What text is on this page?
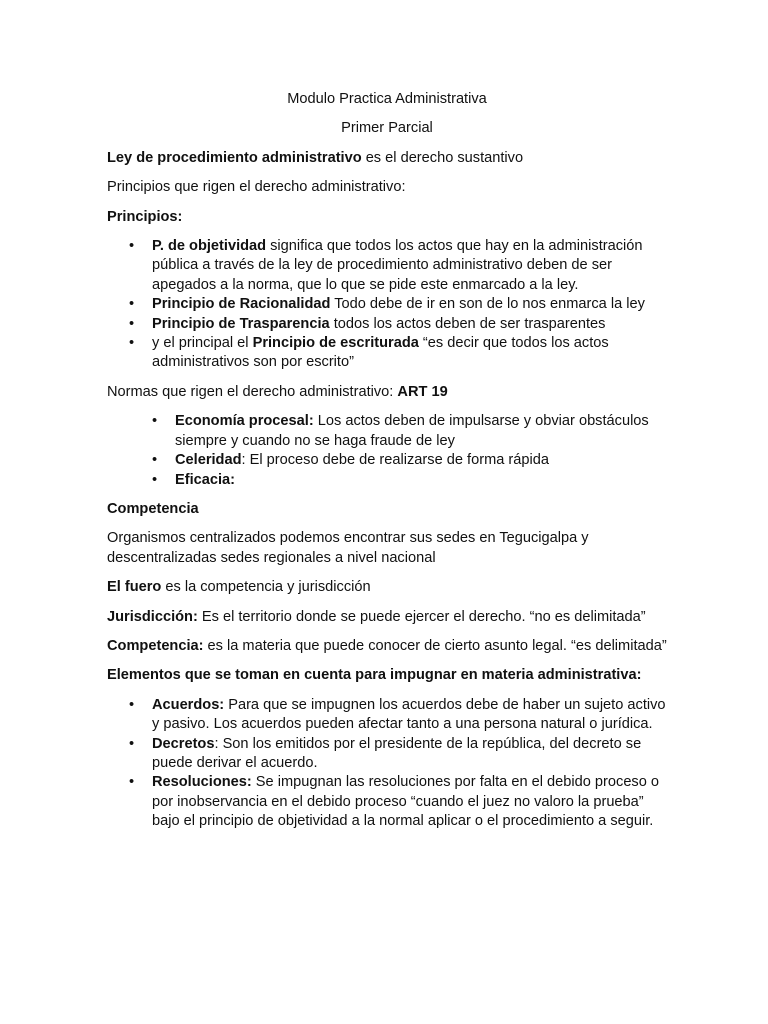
Modulo Practica Administrativa

Primer Parcial

Ley de procedimiento administrativo es el derecho sustantivo

Principios que rigen el derecho administrativo:

Principios:

• P. de objetividad significa que todos los actos que hay en la administración pública a través de la ley de procedimiento administrativo deben de ser apegados a la norma, que lo que se pide este enmarcado a la ley.
• Principio de Racionalidad Todo debe de ir en son de lo nos enmarca la ley
• Principio de Trasparencia todos los actos deben de ser trasparentes
• y el principal el Principio de escriturada “es decir que todos los actos administrativos son por escrito”

Normas que rigen el derecho administrativo: ART 19

• Economía procesal: Los actos deben de impulsarse y obviar obstáculos siempre y cuando no se haga fraude de ley
• Celeridad: El proceso debe de realizarse de forma rápida
• Eficacia:

Competencia

Organismos centralizados podemos encontrar sus sedes en Tegucigalpa y descentralizadas sedes regionales a nivel nacional

El fuero es la competencia y jurisdicción

Jurisdicción: Es el territorio donde se puede ejercer el derecho. “no es delimitada”

Competencia: es la materia que puede conocer de cierto asunto legal. “es delimitada”

Elementos que se toman en cuenta para impugnar en materia administrativa:

• Acuerdos: Para que se impugnen los acuerdos debe de haber un sujeto activo y pasivo. Los acuerdos pueden afectar tanto a una persona natural o jurídica.
• Decretos: Son los emitidos por el presidente de la república, del decreto se puede derivar el acuerdo.
• Resoluciones: Se impugnan las resoluciones por falta en el debido proceso o por inobservancia en el debido proceso “cuando el juez no valoro la prueba” bajo el principio de objetividad a la normal aplicar o el procedimiento a seguir.
